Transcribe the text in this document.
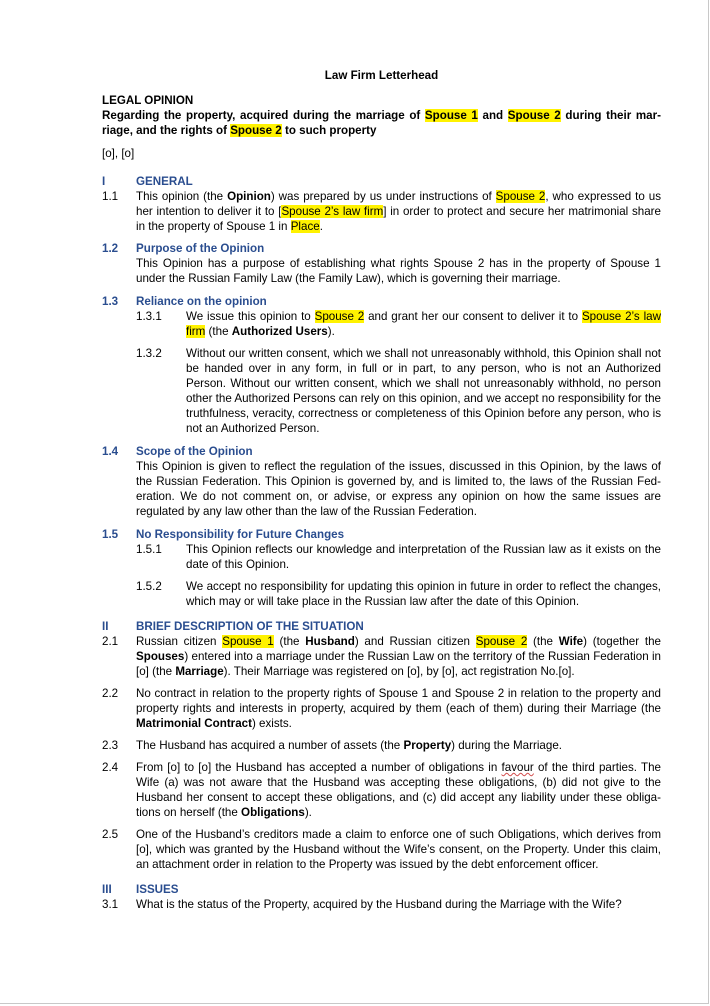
Law Firm Letterhead

LEGAL OPINION

Regarding the property, acquired during the marriage of Spouse 1 and Spouse 2 during their mar-riage, and the rights of Spouse 2 to such property

[o], [o]

I	GENERAL
1.1 This opinion (the Opinion) was prepared by us under instructions of Spouse 2, who expressed to us her intention to deliver it to [Spouse 2’s law firm] in order to protect and secure her matrimonial share in the property of Spouse 1 in Place.
1.2 Purpose of the Opinion
This Opinion has a purpose of establishing what rights Spouse 2 has in the property of Spouse 1 under the Russian Family Law (the Family Law), which is governing their marriage.
1.3 Reliance on the opinion
1.3.1 We issue this opinion to Spouse 2 and grant her our consent to deliver it to Spouse 2’s law firm (the Authorized Users).
1.3.2 Without our written consent, which we shall not unreasonably withhold, this Opinion shall not be handed over in any form, in full or in part, to any person, who is not an Authorized Person. Without our written consent, which we shall not unreasonably withhold, no person other the Authorized Persons can rely on this opinion, and we accept no responsibility for the truthfulness, veracity, correctness or completeness of this Opinion before any person, who is not an Authorized Person.
1.4 Scope of the Opinion
This Opinion is given to reflect the regulation of the issues, discussed in this Opinion, by the laws of the Russian Federation. This Opinion is governed by, and is limited to, the laws of the Russian Fed-eration. We do not comment on, or advise, or express any opinion on how the same issues are regulated by any law other than the law of the Russian Federation.
1.5 No Responsibility for Future Changes
1.5.1 This Opinion reflects our knowledge and interpretation of the Russian law as it exists on the date of this Opinion.
1.5.2 We accept no responsibility for updating this opinion in future in order to reflect the changes, which may or will take place in the Russian law after the date of this Opinion.
II BRIEF DESCRIPTION OF THE SITUATION
2.1 Russian citizen Spouse 1 (the Husband) and Russian citizen Spouse 2 (the Wife) (together the Spouses) entered into a marriage under the Russian Law on the territory of the Russian Federation in [o] (the Marriage). Their Marriage was registered on [o], by [o], act registration No.[o].
2.2 No contract in relation to the property rights of Spouse 1 and Spouse 2 in relation to the property and property rights and interests in property, acquired by them (each of them) during their Marriage (the Matrimonial Contract) exists.
2.3 The Husband has acquired a number of assets (the Property) during the Marriage.
2.4 From [o] to [o] the Husband has accepted a number of obligations in favour of the third parties. The Wife (a) was not aware that the Husband was accepting these obligations, (b) did not give to the Husband her consent to accept these obligations, and (c) did accept any liability under these obliga-tions on herself (the Obligations).
2.5 One of the Husband’s creditors made a claim to enforce one of such Obligations, which derives from [o], which was granted by the Husband without the Wife’s consent, on the Property. Under this claim, an attachment order in relation to the Property was issued by the debt enforcement officer.
III ISSUES
3.1 What is the status of the Property, acquired by the Husband during the Marriage with the Wife?
